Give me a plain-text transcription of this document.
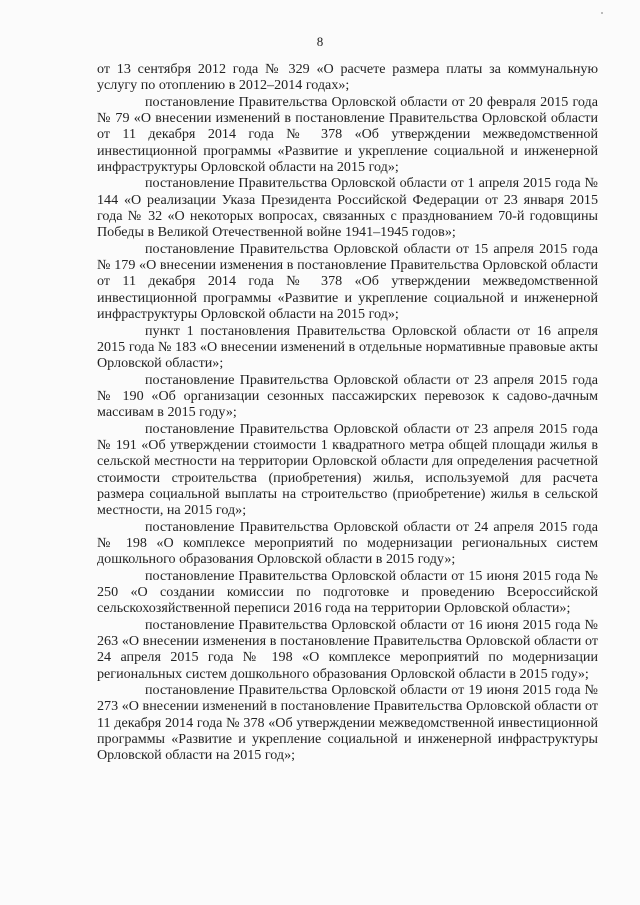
8

от 13 сентября 2012 года № 329 «О расчете размера платы за коммунальную услугу по отоплению в 2012–2014 годах»;

постановление Правительства Орловской области от 20 февраля 2015 года № 79 «О внесении изменений в постановление Правительства Орловской области от 11 декабря 2014 года № 378 «Об утверждении межведомственной инвестиционной программы «Развитие и укрепление социальной и инженерной инфраструктуры Орловской области на 2015 год»;

постановление Правительства Орловской области от 1 апреля 2015 года № 144 «О реализации Указа Президента Российской Федерации от 23 января 2015 года № 32 «О некоторых вопросах, связанных с празднованием 70-й годовщины Победы в Великой Отечественной войне 1941–1945 годов»;

постановление Правительства Орловской области от 15 апреля 2015 года № 179 «О внесении изменения в постановление Правительства Орловской области от 11 декабря 2014 года № 378 «Об утверждении межведомственной инвестиционной программы «Развитие и укрепление социальной и инженерной инфраструктуры Орловской области на 2015 год»;

пункт 1 постановления Правительства Орловской области от 16 апреля 2015 года № 183 «О внесении изменений в отдельные нормативные правовые акты Орловской области»;

постановление Правительства Орловской области от 23 апреля 2015 года № 190 «Об организации сезонных пассажирских перевозок к садово-дачным массивам в 2015 году»;

постановление Правительства Орловской области от 23 апреля 2015 года № 191 «Об утверждении стоимости 1 квадратного метра общей площади жилья в сельской местности на территории Орловской области для определения расчетной стоимости строительства (приобретения) жилья, используемой для расчета размера социальной выплаты на строительство (приобретение) жилья в сельской местности, на 2015 год»;

постановление Правительства Орловской области от 24 апреля 2015 года № 198 «О комплексе мероприятий по модернизации региональных систем дошкольного образования Орловской области в 2015 году»;

постановление Правительства Орловской области от 15 июня 2015 года № 250 «О создании комиссии по подготовке и проведению Всероссийской сельскохозяйственной переписи 2016 года на территории Орловской области»;

постановление Правительства Орловской области от 16 июня 2015 года № 263 «О внесении изменения в постановление Правительства Орловской области от 24 апреля 2015 года № 198 «О комплексе мероприятий по модернизации региональных систем дошкольного образования Орловской области в 2015 году»;

постановление Правительства Орловской области от 19 июня 2015 года № 273 «О внесении изменений в постановление Правительства Орловской области от 11 декабря 2014 года № 378 «Об утверждении межведомственной инвестиционной программы «Развитие и укрепление социальной и инженерной инфраструктуры Орловской области на 2015 год»;
